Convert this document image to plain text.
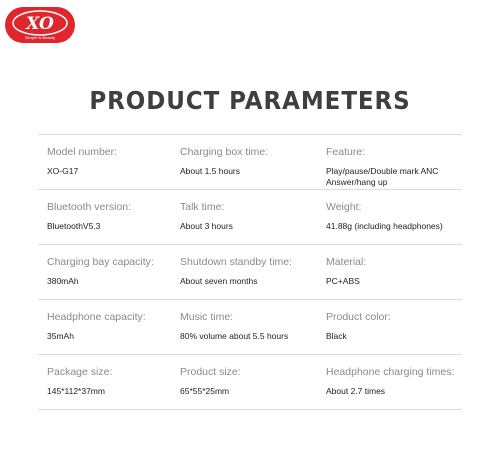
XO
Simple Is Beauty
PRODUCT PARAMETERS
Model number:
XO-G17
Charging box time:
About 1.5 hours
Feature:
Play/pause/Double mark ANC
Answer/hang up
Bluetooth version:
BluetoothV5.3
Talk time:
About 3 hours
Weight:
41.88g (including headphones)
Charging bay capacity:
380mAh
Shutdown standby time:
About seven months
Material:
PC+ABS
Headphone capacity:
35mAh
Music time:
80% volume about 5.5 hours
Product color:
Black
Package size:
145*112*37mm
Product size:
65*55*25mm
Headphone charging times:
About 2.7 times
